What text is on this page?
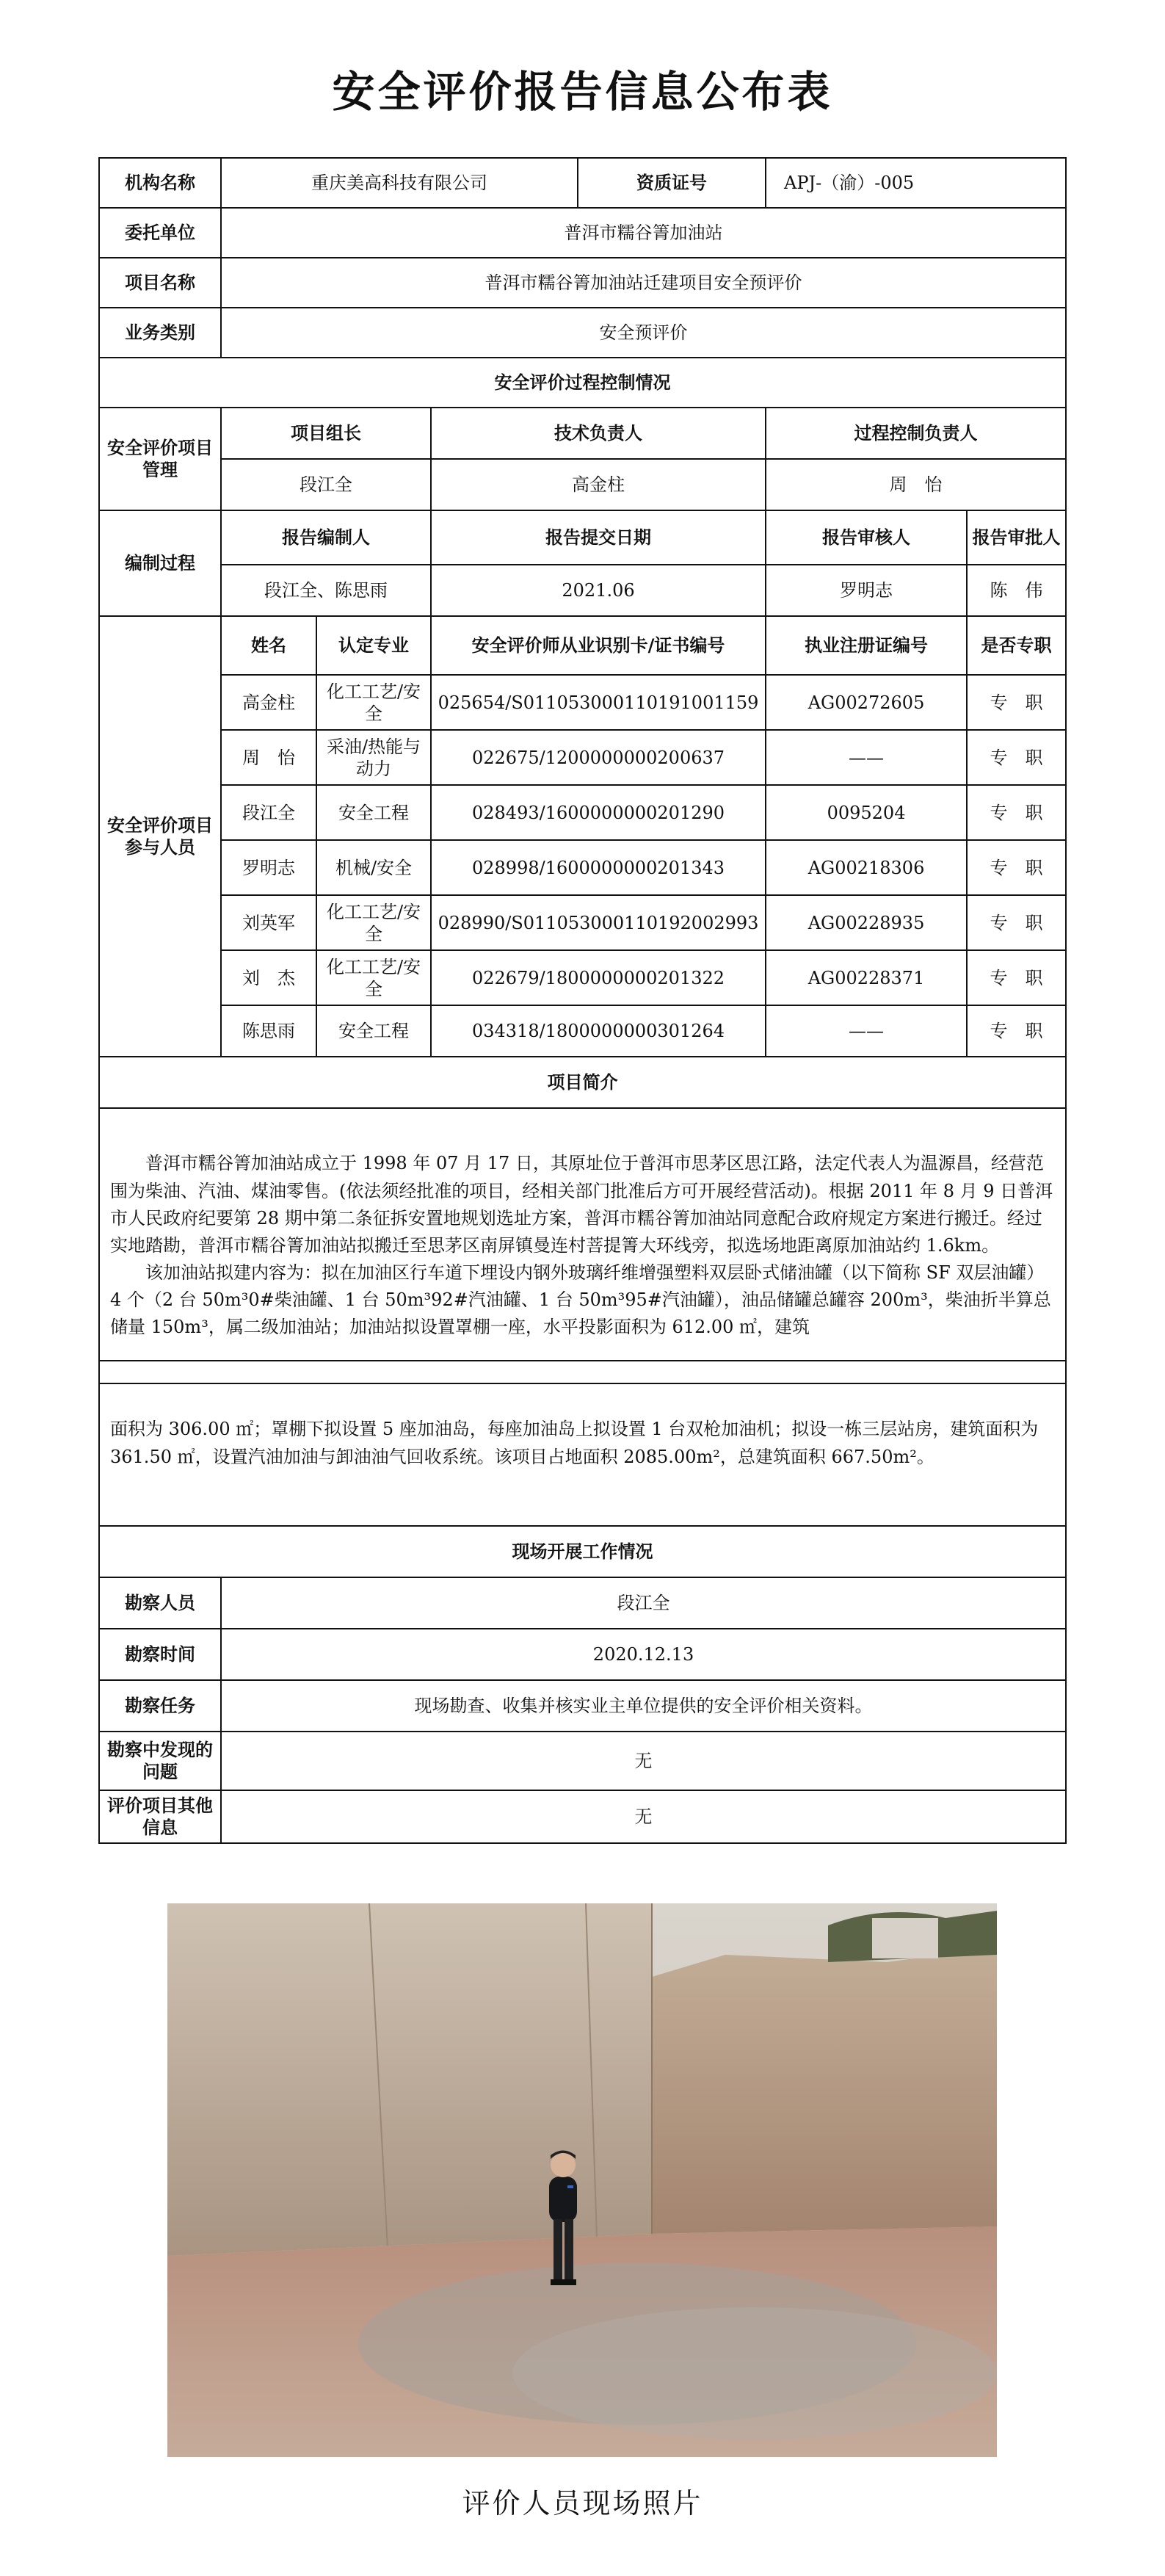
安全评价报告信息公布表
机构名称	重庆美高科技有限公司			资质证号	APJ-（渝）-005	
委托单位	普洱市糯谷箐加油站					
项目名称	普洱市糯谷箐加油站迁建项目安全预评价					
业务类别	安全预评价					
安全评价过程控制情况						
安全评价项目管理	项目组长		技术负责人		过程控制负责人	
	段江全		高金柱		周　怡	
编制过程	报告编制人		报告提交日期		报告审核人	报告审批人
	段江全、陈思雨		2021.06		罗明志	陈　伟
安全评价项目参与人员	姓名	认定专业	安全评价师从业识别卡/证书编号		执业注册证编号	是否专职
	高金柱	化工工艺/安全	025654/S011053000110191001159		AG00272605	专　职
	周　怡	采油/热能与动力	022675/1200000000200637		——	专　职
	段江全	安全工程	028493/1600000000201290		0095204	专　职
	罗明志	机械/安全	028998/1600000000201343		AG00218306	专　职
	刘英军	化工工艺/安全	028990/S011053000110192002993		AG00228935	专　职
	刘　杰	化工工艺/安全	022679/1800000000201322		AG00228371	专　职
	陈思雨	安全工程	034318/1800000000301264		——	专　职
项目简介						

普洱市糯谷箐加油站成立于 1998 年 07 月 17 日，其原址位于普洱市思茅区思江路，法定代表人为温源昌，经营范围为柴油、汽油、煤油零售。(依法须经批准的项目，经相关部门批准后方可开展经营活动)。根据 2011 年 8 月 9 日普洱市人民政府纪要第 28 期中第二条征拆安置地规划选址方案，普洱市糯谷箐加油站同意配合政府规定方案进行搬迁。经过实地踏勘，普洱市糯谷箐加油站拟搬迁至思茅区南屏镇曼连村菩提箐大环线旁，拟选场地距离原加油站约 1.6km。

该加油站拟建内容为：拟在加油区行车道下埋设内钢外玻璃纤维增强塑料双层卧式储油罐（以下简称 SF 双层油罐）4 个（2 台 50m³0#柴油罐、1 台 50m³92#汽油罐、1 台 50m³95#汽油罐），油品储罐总罐容 200m³，柴油折半算总储量 150m³，属二级加油站；加油站拟设置罩棚一座，水平投影面积为 612.00 ㎡，建筑						

面积为 306.00 ㎡；罩棚下拟设置 5 座加油岛，每座加油岛上拟设置 1 台双枪加油机；拟设一栋三层站房，建筑面积为 361.50 ㎡，设置汽油加油与卸油油气回收系统。该项目占地面积 2085.00m²，总建筑面积 667.50m²。	

现场开展工作情况	
勘察人员	段江全
勘察时间	2020.12.13
勘察任务	现场勘查、收集并核实业主单位提供的安全评价相关资料。
勘察中发现的问题	无
评价项目其他信息	无
评价人员现场照片
